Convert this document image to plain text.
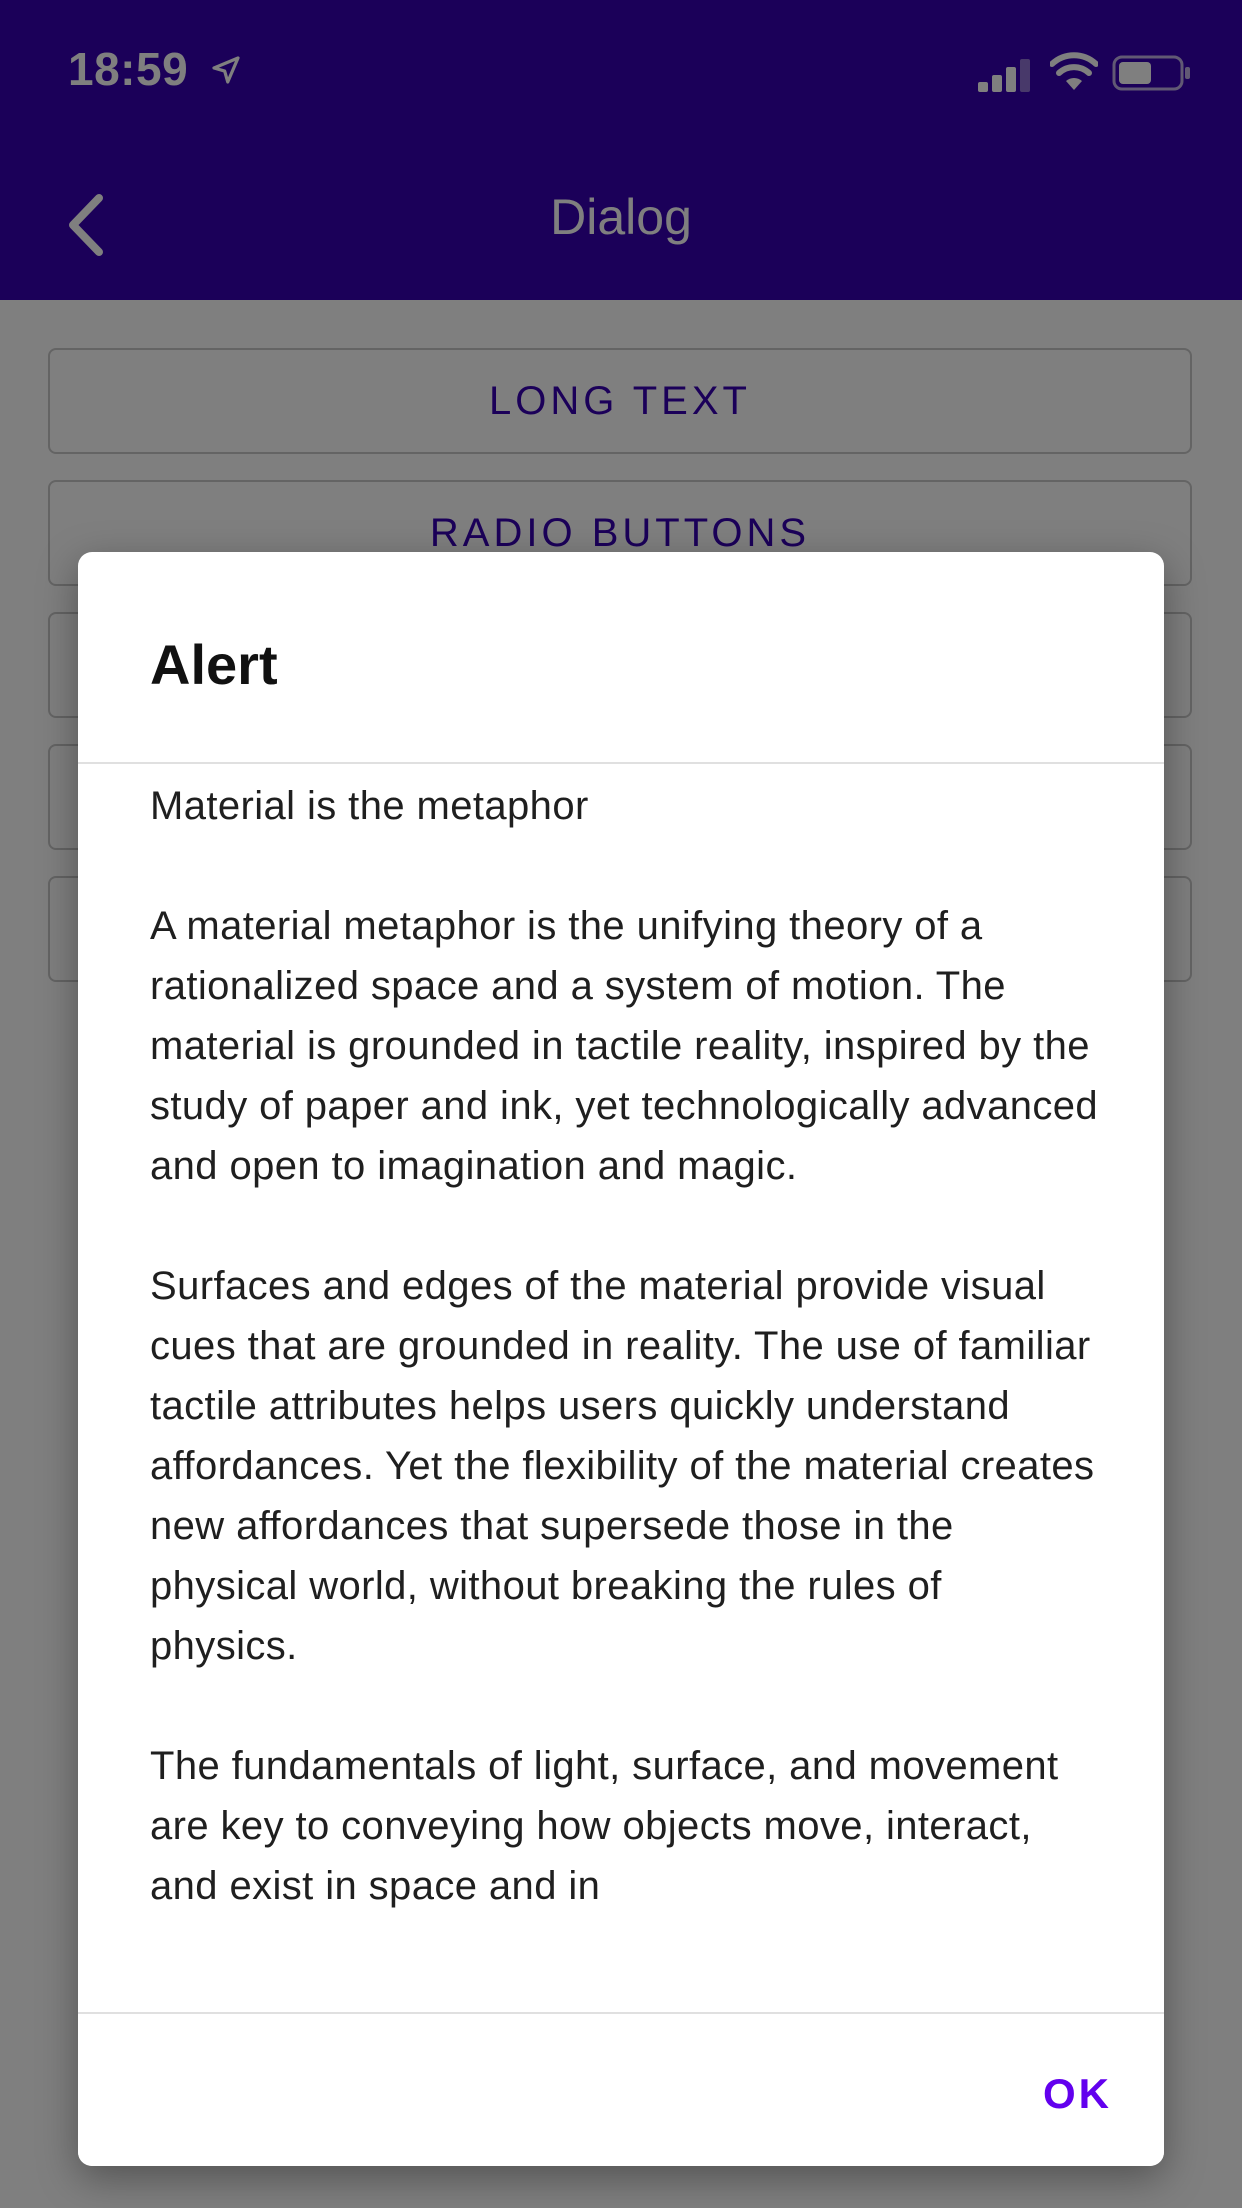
Alert
Material is the metaphor

A material metaphor is the unifying theory of a rationalized space and a system of motion. The material is grounded in tactile reality, inspired by the study of paper and ink, yet technologically advanced and open to imagination and magic.

Surfaces and edges of the material provide visual cues that are grounded in reality. The use of familiar tactile attributes helps users quickly understand affordances. Yet the flexibility of the material creates new affordances that supersede those in the physical world, without breaking the rules of physics.

The fundamentals of light, surface, and movement are key to conveying how objects move, interact, and exist in space and in
OK
